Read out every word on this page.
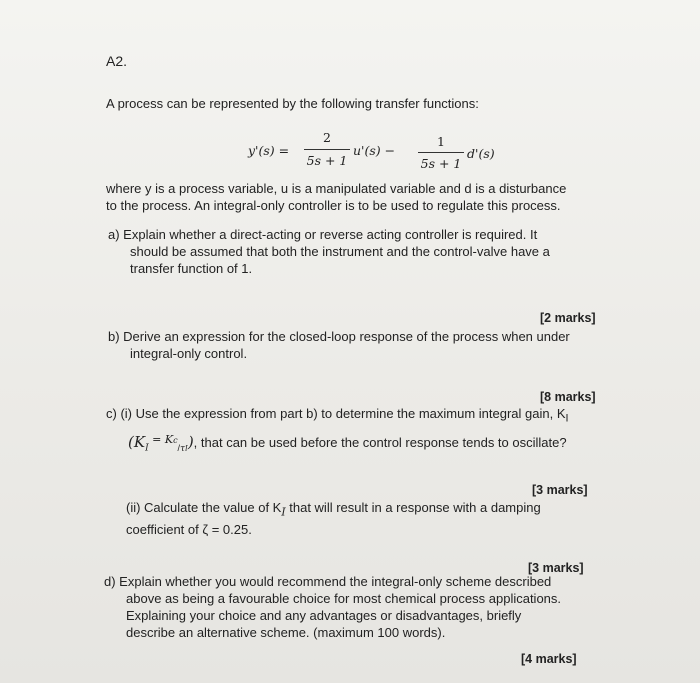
A2.
A process can be represented by the following transfer functions:
y'(s) =
2
5s + 1
u'(s) −
1
5s + 1
d'(s)
where y is a process variable, u is a manipulated variable and d is a disturbance
to the process. An integral-only controller is to be used to regulate this process.
a) Explain whether a direct-acting or reverse acting controller is required. It
should be assumed that both the instrument and the control-valve have a
transfer function of 1.
[2 marks]
b) Derive an expression for the closed-loop response of the process when under
integral-only control.
[8 marks]
c) (i) Use the expression from part b) to determine the maximum integral gain, $K_I$
($K_I$ $^{= K}_{c/\tau I}$), that can be used before the control response tends to oscillate?
[3 marks]
(ii) Calculate the value of $K_I$ that will result in a response with a damping
coefficient of ζ = 0.25.
[3 marks]
d) Explain whether you would recommend the integral-only scheme described
above as being a favourable choice for most chemical process applications.
Explaining your choice and any advantages or disadvantages, briefly
describe an alternative scheme. (maximum 100 words).
[4 marks]
